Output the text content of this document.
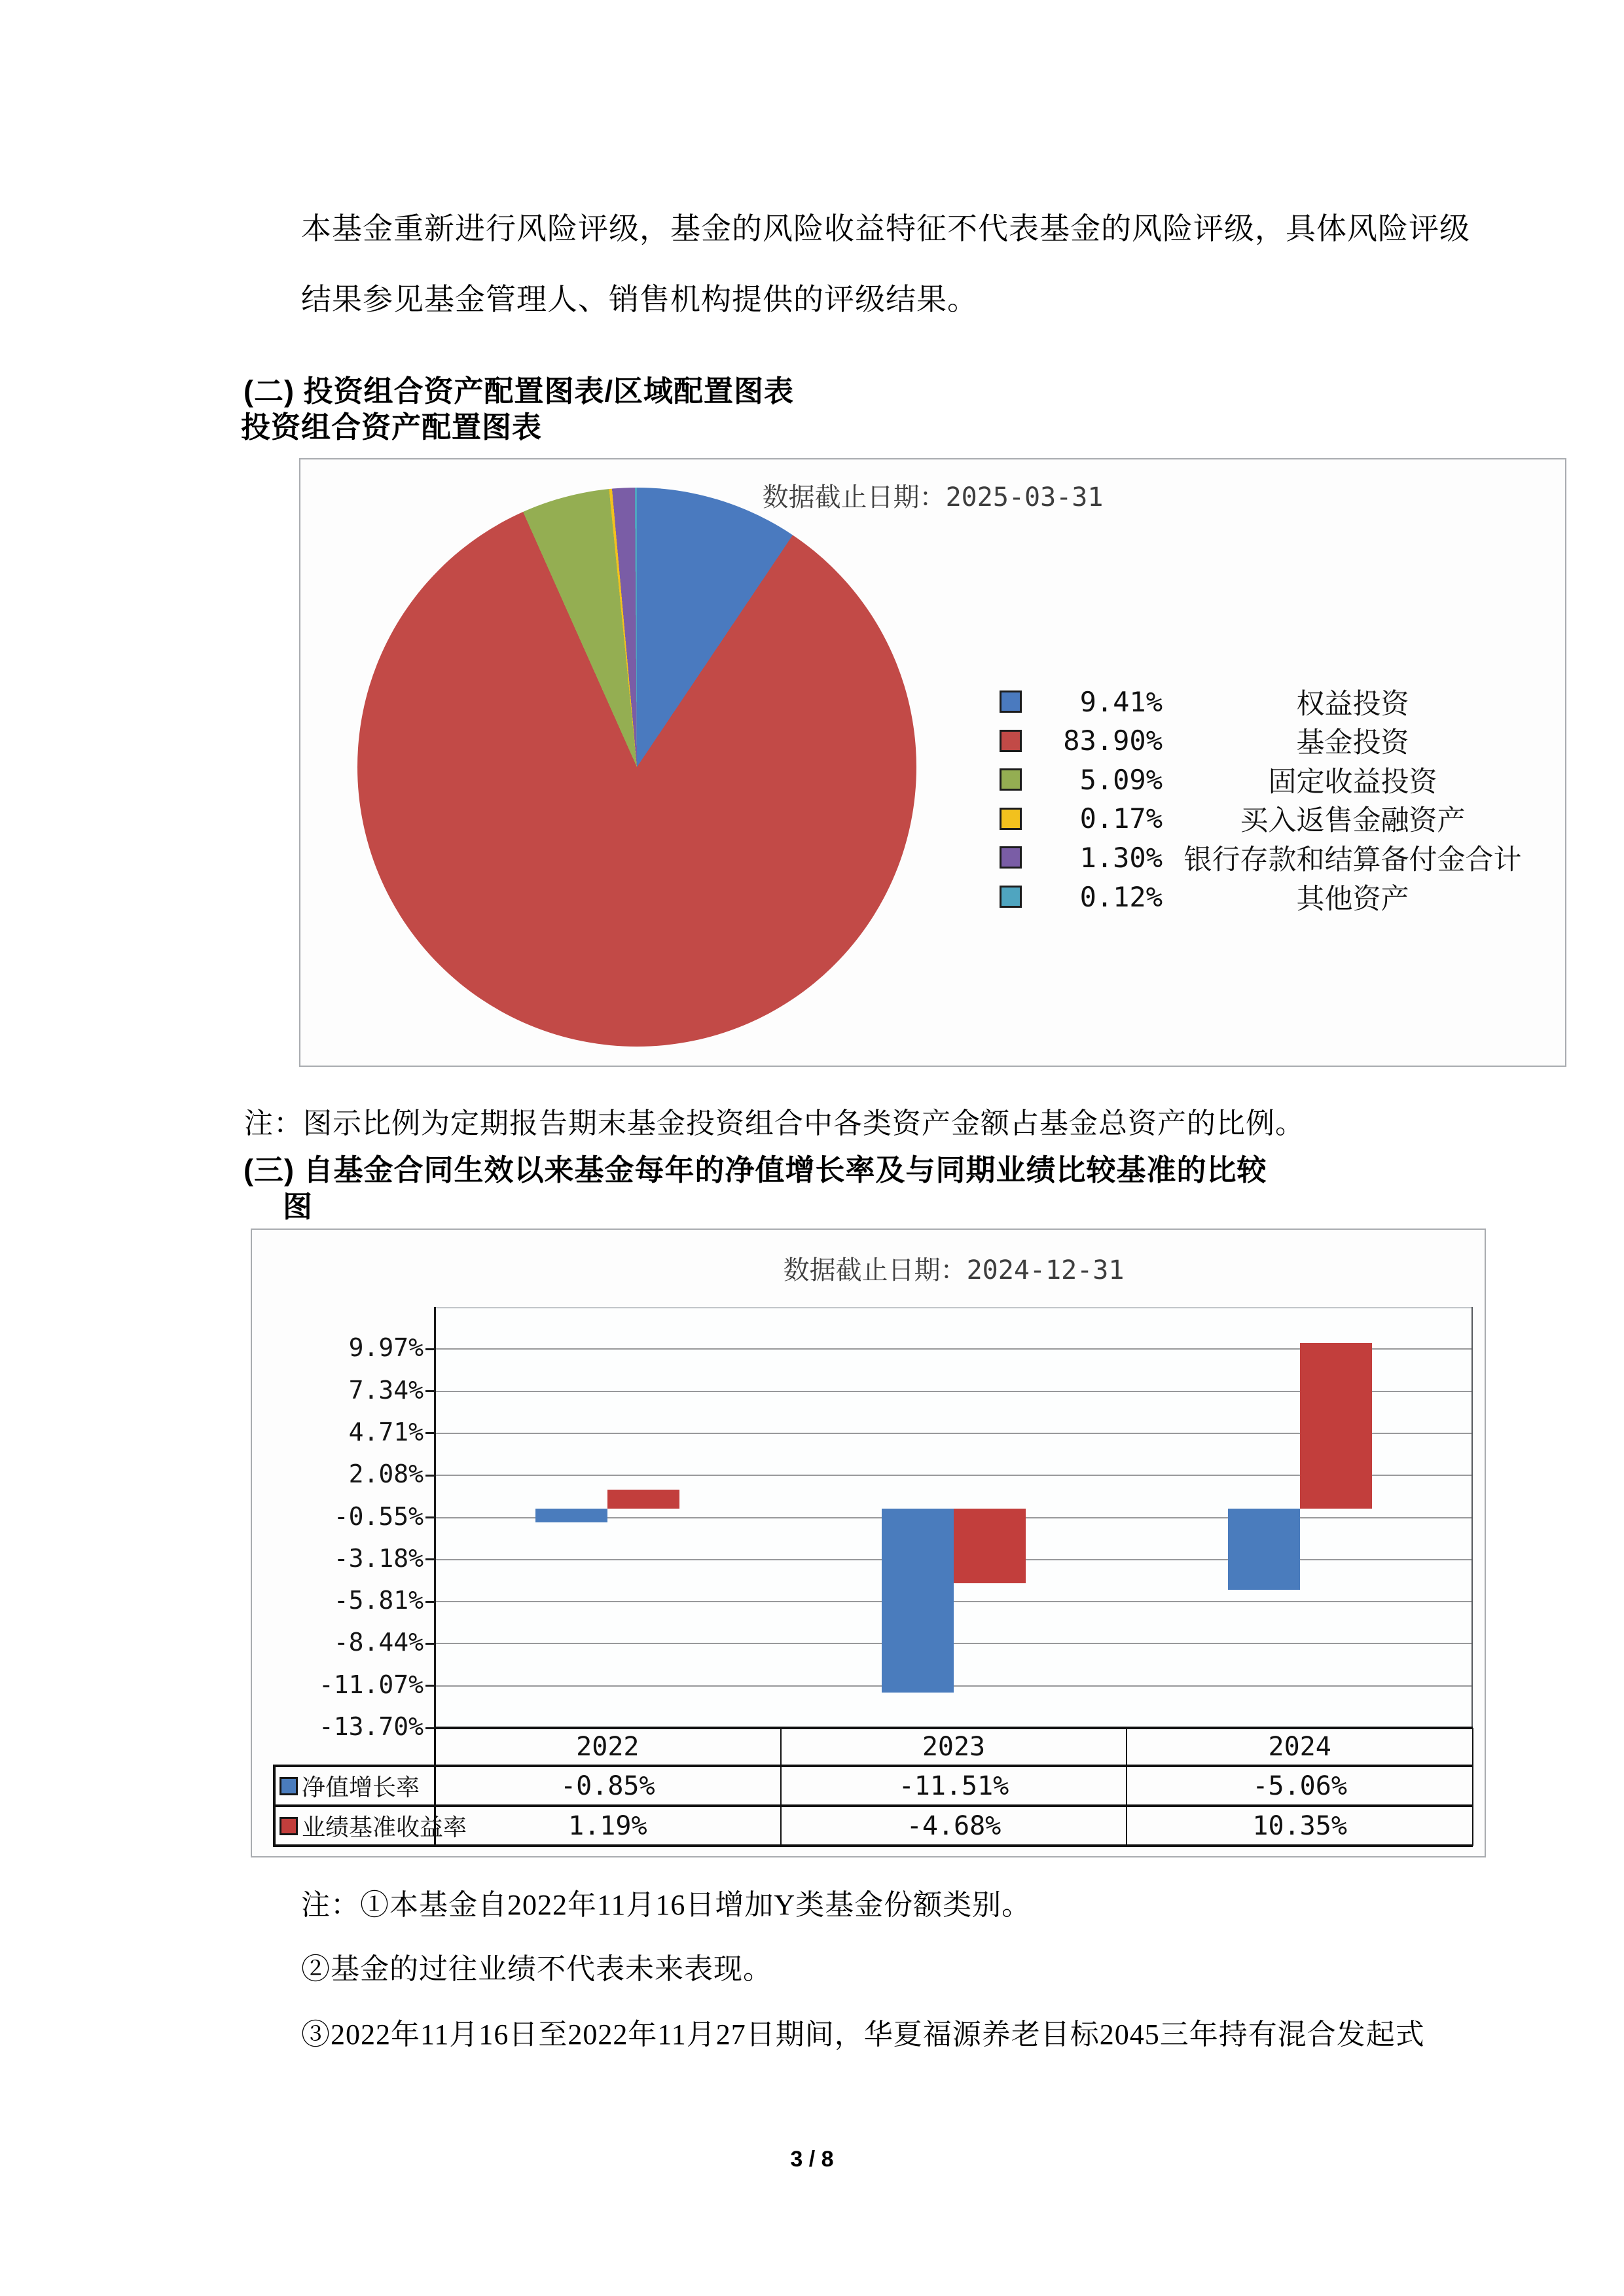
本基金重新进行风险评级，基金的风险收益特征不代表基金的风险评级，具体风险评级
结果参见基金管理人、销售机构提供的评级结果。
(二) 投资组合资产配置图表/区域配置图表
投资组合资产配置图表
数据截止日期：2025-03-31
9.41%	权益投资
83.90%	基金投资
5.09%	固定收益投资
0.17%	买入返售金融资产
1.30% 银行存款和结算备付金合计
0.12%	其他资产
注：图示比例为定期报告期末基金投资组合中各类资产金额占基金总资产的比例。
(三) 自基金合同生效以来基金每年的净值增长率及与同期业绩比较基准的比较
图
数据截止日期：2024-12-31
9.97%
7.34%
4.71%
2.08%
-0.55%
-3.18%
-5.81%
-8.44%
-11.07%
-13.70%
2022	2023	2024
净值增长率	-0.85%	-11.51%	-5.06%
业绩基准收益率	1.19%	-4.68%	10.35%
注：①本基金自2022年11月16日增加Y类基金份额类别。
②基金的过往业绩不代表未来表现。
③2022年11月16日至2022年11月27日期间，华夏福源养老目标2045三年持有混合发起式
3 / 8
